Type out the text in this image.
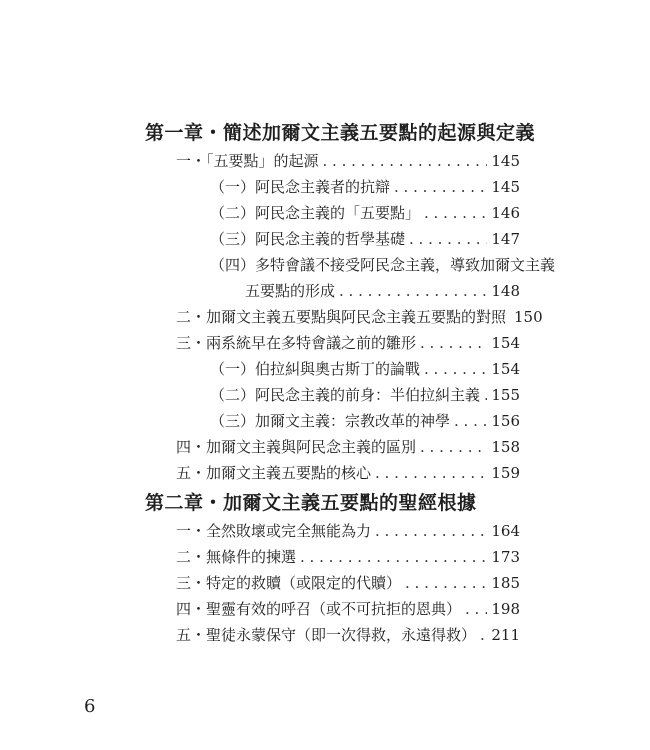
第一章・簡述加爾文主義五要點的起源與定義
一・「五要點」的起源 . . .	145
（一）阿民念主義者的抗辯 . . .	145
（二）阿民念主義的「五要點」 . . .	146
（三）阿民念主義的哲學基礎 . . .	147
（四）多特會議不接受阿民念主義，導致加爾文主義
五要點的形成 . . .	148
二・加爾文主義五要點與阿民念主義五要點的對照 150
三・兩系統早在多特會議之前的雛形 . . .	154
（一）伯拉糾與奧古斯丁的論戰 . . .	154
（二）阿民念主義的前身：半伯拉糾主義 . . . 155
（三）加爾文主義：宗教改革的神學 . . .	156
四・加爾文主義與阿民念主義的區別 . . .	158
五・加爾文主義五要點的核心 . . .	159
第二章・加爾文主義五要點的聖經根據
一・全然敗壞或完全無能為力 . . .	164
二・無條件的揀選 . . .	173
三・特定的救贖（或限定的代贖） . . .	185
四・聖靈有效的呼召（或不可抗拒的恩典） . . . 198
五・聖徒永蒙保守（即一次得救，永遠得救） . . . 211
6
